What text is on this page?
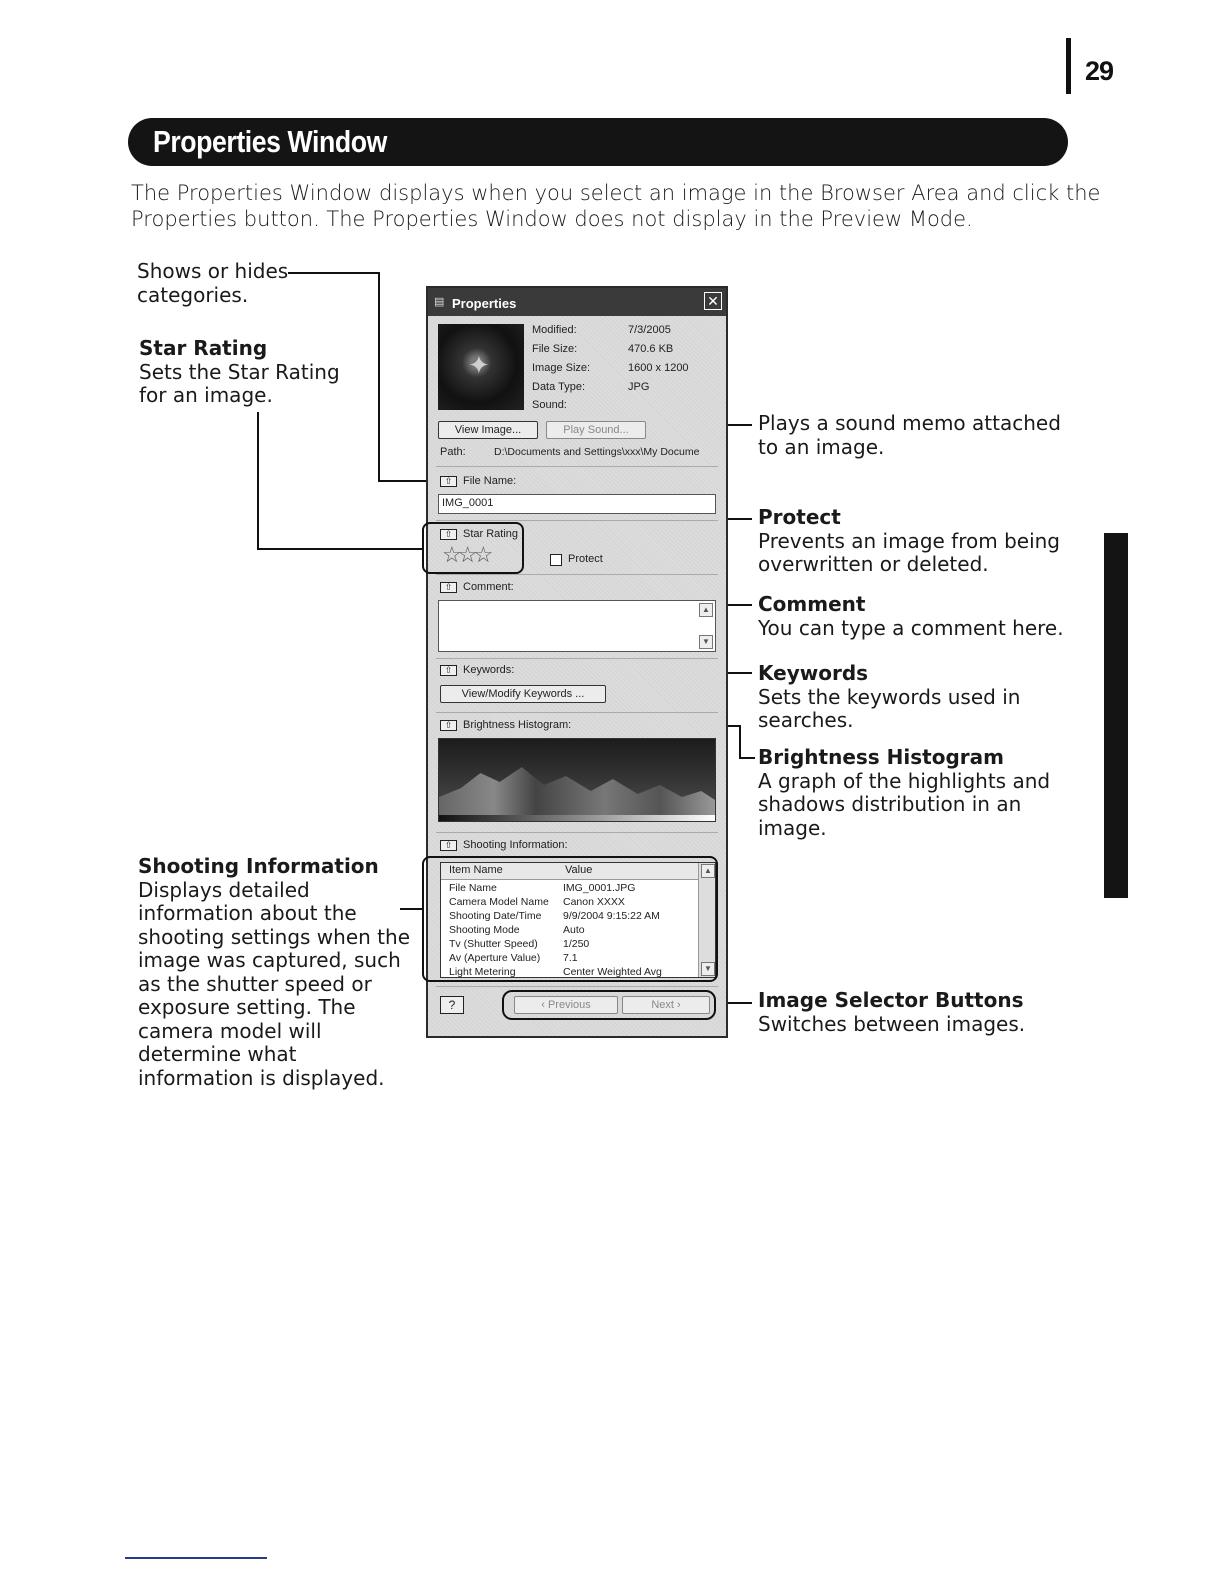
29
Properties Window

The Properties Window displays when you select an image in the Browser Area and click the
Properties button. The Properties Window does not display in the Preview Mode.

Shows or hides
categories.
Star Rating
Sets the Star Rating
for an image.
Shooting Information
Displays detailed
information about the
shooting settings when the
image was captured, such
as the shutter speed or
exposure setting. The
camera model will
determine what
information is displayed.
Plays a sound memo attached
to an image.
Protect
Prevents an image from being
overwritten or deleted.
Comment
You can type a comment here.
Keywords
Sets the keywords used in
searches.
Brightness Histogram
A graph of the highlights and
shadows distribution in an
image.
Image Selector Buttons
Switches between images.
▤ Properties	✕
✦
Modified:	7/3/2005
File Size:	470.6 KB
Image Size:	1600 x 1200
Data Type:	JPG
Sound:
View Image...	Play Sound...
Path:	D:\Documents and Settings\xxx\My Docume
⇧ File Name:
IMG_0001
⇧ Star Rating
☆☆☆	Protect
⇧ Comment:
▲
▼
⇧ Keywords:
View/Modify Keywords ...
⇧ Brightness Histogram:
⇧ Shooting Information:
Item Name	Value
File Name	IMG_0001.JPG
Camera Model Name Canon XXXX
Shooting Date/Time 9/9/2004 9:15:22 AM
Shooting Mode	Auto
Tv (Shutter Speed) 1/250
Av (Aperture Value) 7.1
Light Metering	Center Weighted Avg
▲
▼
?	‹ Previous	Next ›
